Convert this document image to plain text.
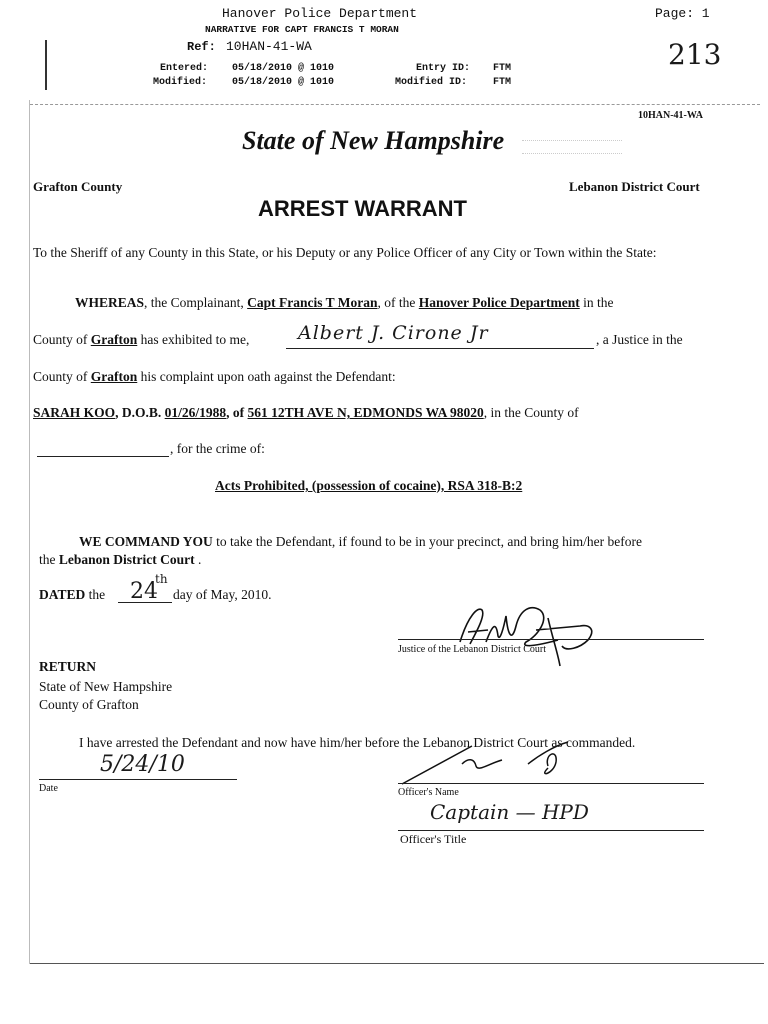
Hanover Police Department
NARRATIVE FOR CAPT FRANCIS T MORAN
Ref: 10HAN-41-WA
Page: 1
213
Entered: 05/18/2010 @ 1010
Modified: 05/18/2010 @ 1010
Entry ID: FTM
Modified ID:	FTM
10HAN-41-WA
State of New Hampshire
Grafton County	Lebanon District Court
ARREST WARRANT
To the Sheriff of any County in this State, or his Deputy or any Police Officer of any City or Town within the State:
WHEREAS, the Complainant, Capt Francis T Moran, of the Hanover Police Department in the
County of Grafton has exhibited to me,	Albert J. Cirone Jr	, a Justice in the
County of Grafton his complaint upon oath against the Defendant:
SARAH KOO, D.O.B. 01/26/1988, of 561 12TH AVE N, EDMONDS WA 98020, in the County of
, for the crime of:
Acts Prohibited, (possession of cocaine), RSA 318-B:2
WE COMMAND YOU to take the Defendant, if found to be in your precinct, and bring him/her before
the Lebanon District Court .
DATED the 24
th
day of May, 2010.
Justice of the Lebanon District Court
RETURN
State of New Hampshire
County of Grafton
I have arrested the Defendant and now have him/her before the Lebanon District Court as commanded.
5/24/10
Date	Officer's Name
Captain — HPD
Officer's Title
